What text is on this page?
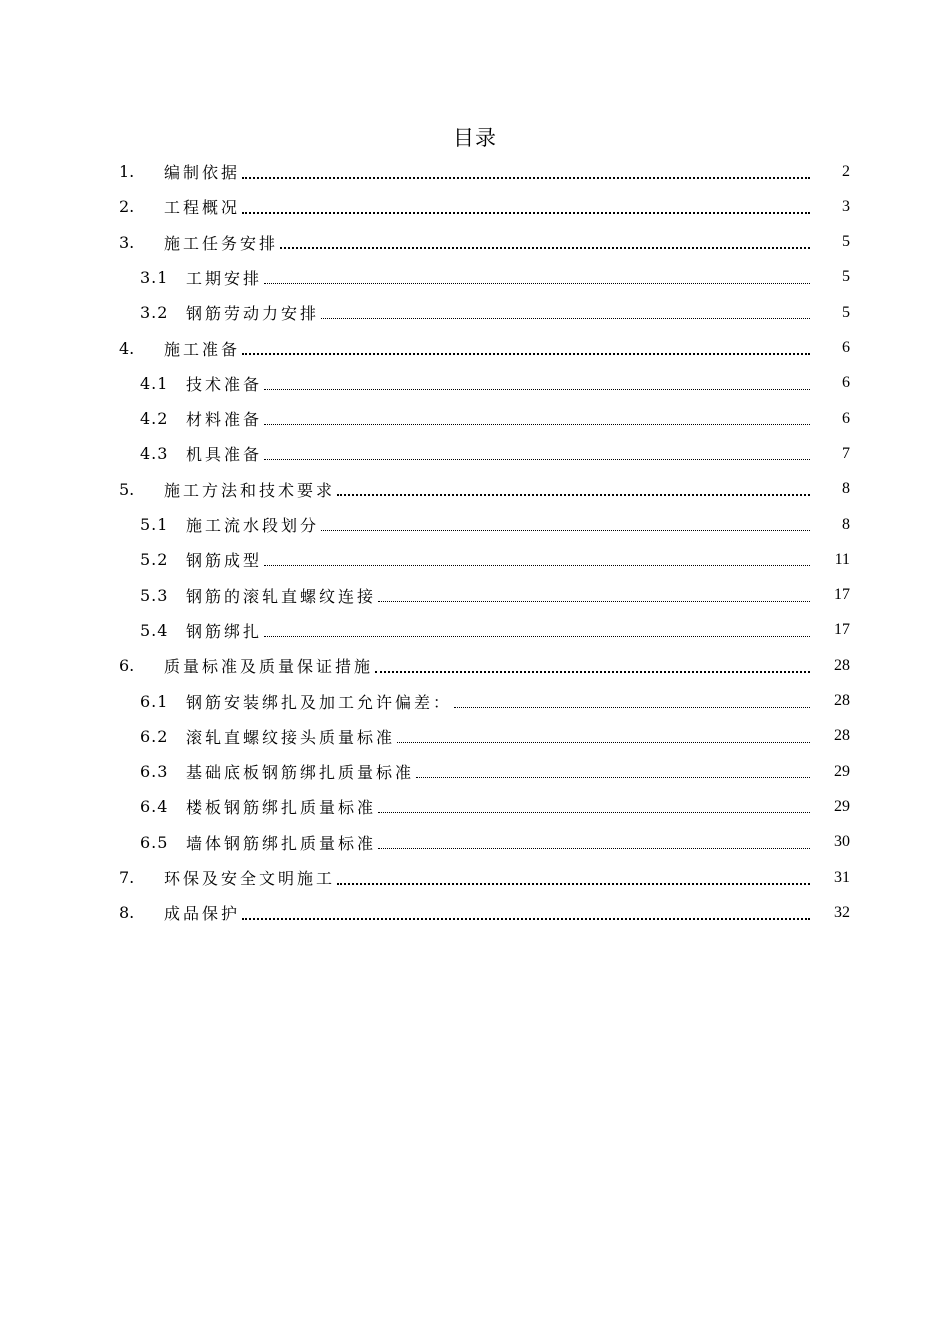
目录
1. 编制依据	2
2. 工程概况	3
3. 施工任务安排	5
3.1 工期安排	5
3.2 钢筋劳动力安排	5
4. 施工准备	6
4.1 技术准备	6
4.2 材料准备	6
4.3 机具准备	7
5. 施工方法和技术要求	8
5.1 施工流水段划分	8
5.2 钢筋成型	11
5.3 钢筋的滚轧直螺纹连接	17
5.4 钢筋绑扎	17
6. 质量标准及质量保证措施	28
6.1 钢筋安装绑扎及加工允许偏差：	28
6.2 滚轧直螺纹接头质量标准	28
6.3 基础底板钢筋绑扎质量标准	29
6.4 楼板钢筋绑扎质量标准	29
6.5 墙体钢筋绑扎质量标准	30
7. 环保及安全文明施工	31
8. 成品保护	32
